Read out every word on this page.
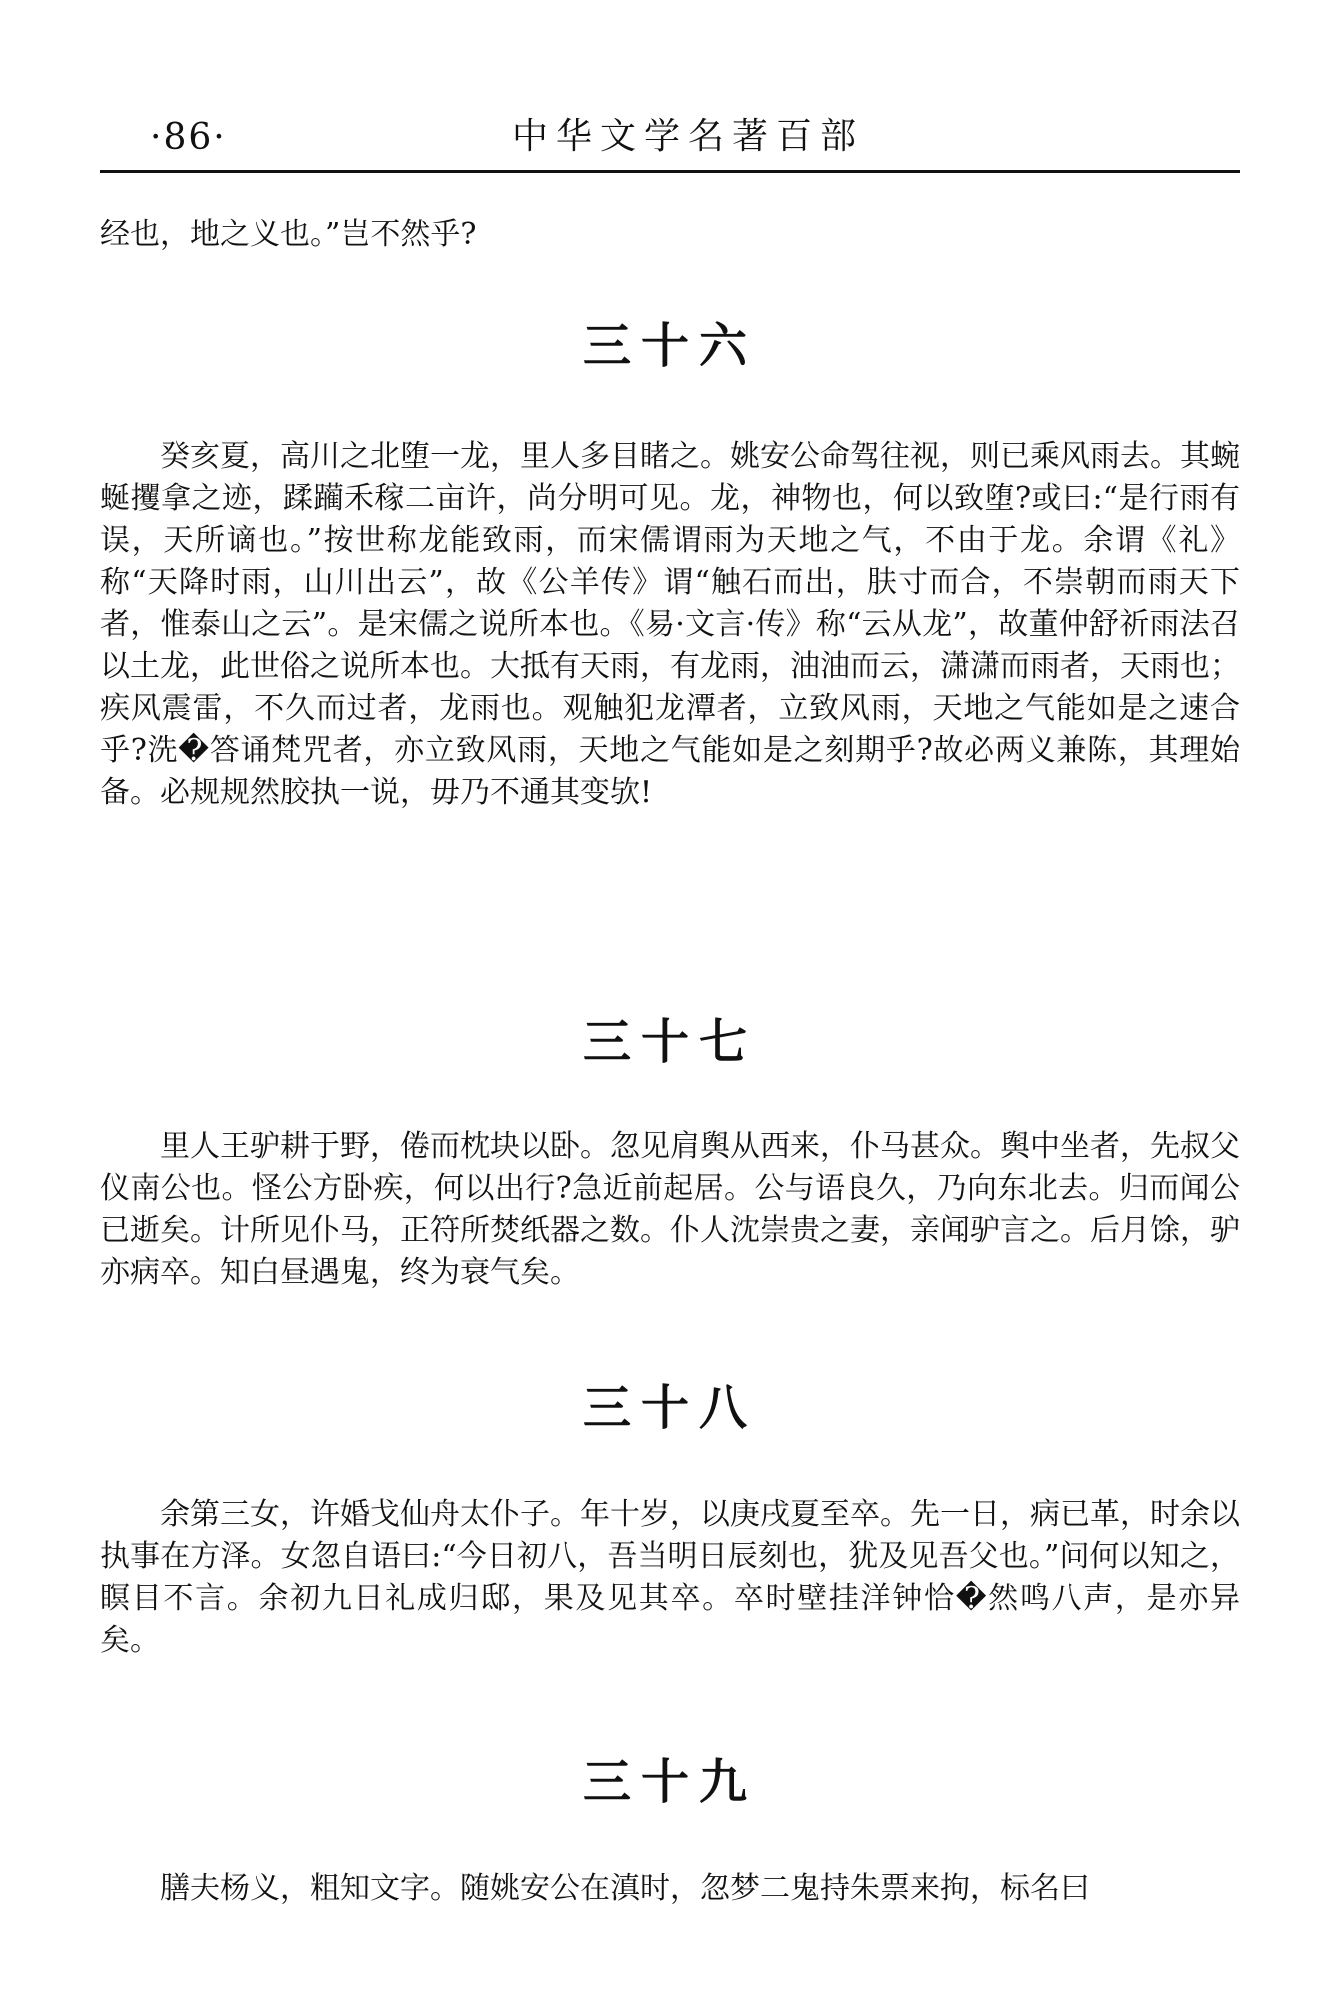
·86·	中华文学名著百部

经也，地之义也。”岂不然乎?

三十六

癸亥夏，高川之北堕一龙，里人多目睹之。姚安公命驾往视，则已乘风雨去。其蜿蜒攫拿之迹，蹂躏禾稼二亩许，尚分明可见。龙，神物也，何以致堕?或曰:“是行雨有误，天所谪也。”按世称龙能致雨，而宋儒谓雨为天地之气，不由于龙。余谓《礼》称“天降时雨，山川出云”，故《公羊传》谓“触石而出，肤寸而合，不崇朝而雨天下者，惟泰山之云”。是宋儒之说所本也。《易·文言·传》称“云从龙”，故董仲舒祈雨法召以土龙，此世俗之说所本也。大抵有天雨，有龙雨，油油而云，潇潇而雨者，天雨也；疾风震雷，不久而过者，龙雨也。观触犯龙潭者，立致风雨，天地之气能如是之速合乎?洗�答诵梵咒者，亦立致风雨，天地之气能如是之刻期乎?故必两义兼陈，其理始备。必规规然胶执一说，毋乃不通其变欤!

三十七

里人王驴耕于野，倦而枕块以卧。忽见肩舆从西来，仆马甚众。舆中坐者，先叔父仪南公也。怪公方卧疾，何以出行?急近前起居。公与语良久，乃向东北去。归而闻公已逝矣。计所见仆马，正符所焚纸器之数。仆人沈崇贵之妻，亲闻驴言之。后月馀，驴亦病卒。知白昼遇鬼，终为衰气矣。

三十八

余第三女，许婚戈仙舟太仆子。年十岁，以庚戌夏至卒。先一日，病已革，时余以执事在方泽。女忽自语曰:“今日初八，吾当明日辰刻也，犹及见吾父也。”问何以知之，瞑目不言。余初九日礼成归邸，果及见其卒。卒时壁挂洋钟恰�然鸣八声，是亦异矣。

三十九

膳夫杨义，粗知文字。随姚安公在滇时，忽梦二鬼持朱票来拘，标名曰
